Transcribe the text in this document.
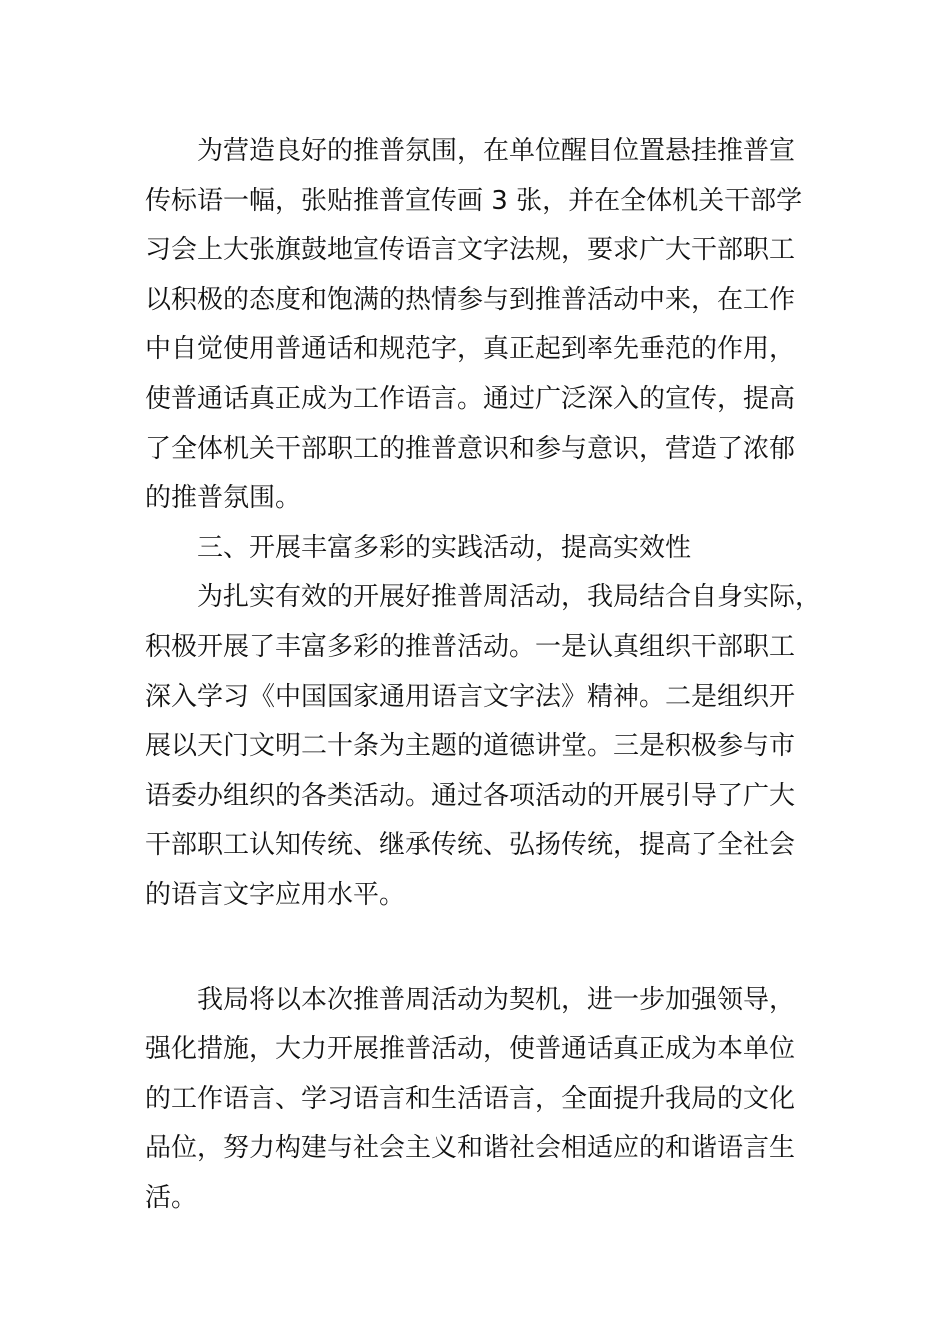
为营造良好的推普氛围，在单位醒目位置悬挂推普宣
传标语一幅，张贴推普宣传画 3 张，并在全体机关干部学
习会上大张旗鼓地宣传语言文字法规，要求广大干部职工
以积极的态度和饱满的热情参与到推普活动中来，在工作
中自觉使用普通话和规范字，真正起到率先垂范的作用，
使普通话真正成为工作语言。通过广泛深入的宣传，提高
了全体机关干部职工的推普意识和参与意识，营造了浓郁
的推普氛围。
三、开展丰富多彩的实践活动，提高实效性
为扎实有效的开展好推普周活动，我局结合自身实际，
积极开展了丰富多彩的推普活动。一是认真组织干部职工
深入学习《中国国家通用语言文字法》精神。二是组织开
展以天门文明二十条为主题的道德讲堂。三是积极参与市
语委办组织的各类活动。通过各项活动的开展引导了广大
干部职工认知传统、继承传统、弘扬传统，提高了全社会
的语言文字应用水平。
我局将以本次推普周活动为契机，进一步加强领导，
强化措施，大力开展推普活动，使普通话真正成为本单位
的工作语言、学习语言和生活语言，全面提升我局的文化
品位，努力构建与社会主义和谐社会相适应的和谐语言生
活。
